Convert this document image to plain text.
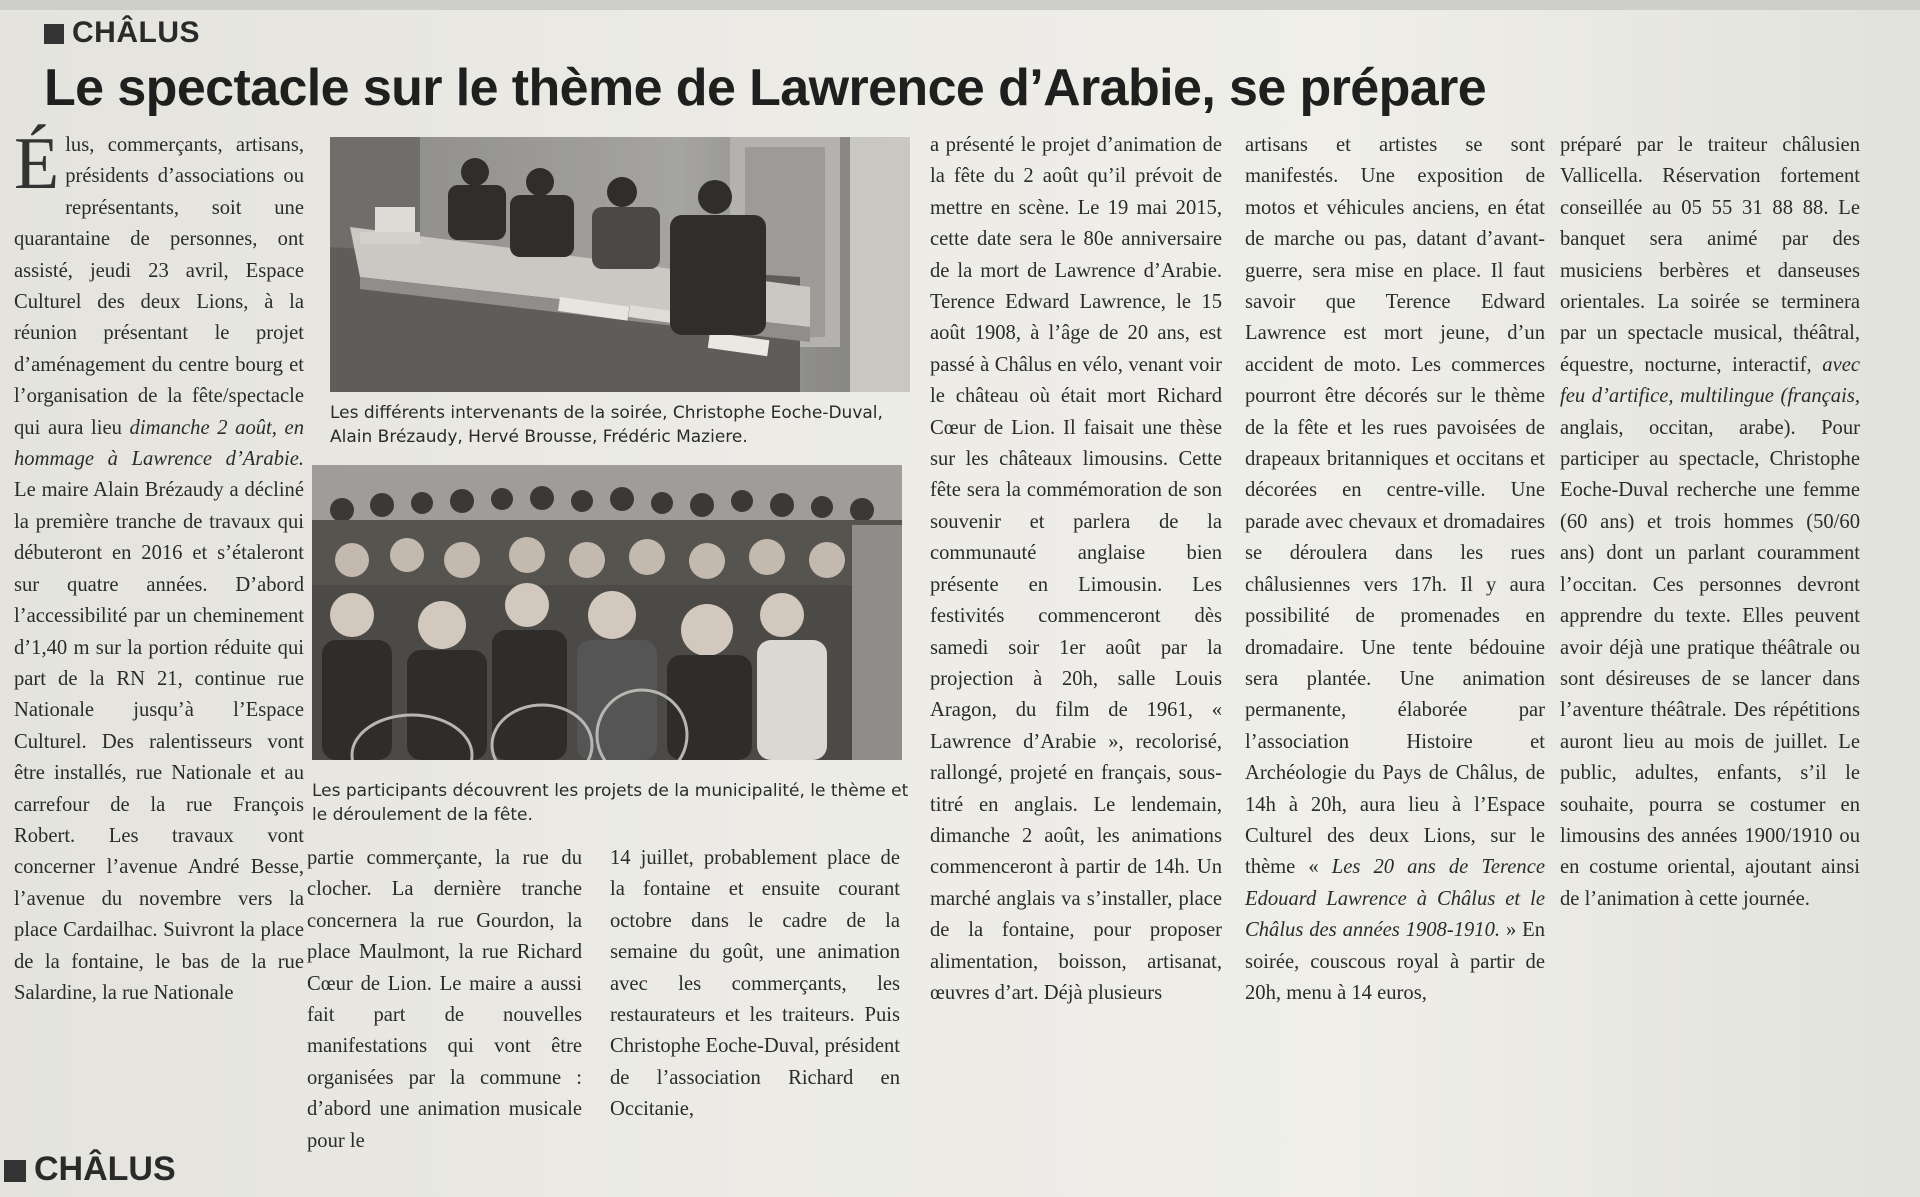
CHÂLUS
Le spectacle sur le thème de Lawrence d’Arabie, se prépare

Élus, commerçants, artisans, présidents d’associations ou représentants, soit une quarantaine de personnes, ont assisté, jeudi 23 avril, Espace Culturel des deux Lions, à la réunion présentant le projet d’aménagement du centre bourg et l’organisation de la fête/spectacle qui aura lieu dimanche 2 août, en hommage à Lawrence d’Arabie. Le maire Alain Brézaudy a décliné la première tranche de travaux qui débuteront en 2016 et s’étaleront sur quatre années. D’abord l’accessibilité par un cheminement d’1,40 m sur la portion réduite qui part de la RN 21, continue rue Nationale jusqu’à l’Espace Culturel. Des ralentisseurs vont être installés, rue Nationale et au carrefour de la rue François Robert. Les travaux vont concerner l’avenue André Besse, l’avenue du novembre vers la place Cardailhac. Suivront la place de la fontaine, le bas de la rue Salardine, la rue Nationale

Les différents intervenants de la soirée, Christophe Eoche-Duval, Alain Brézaudy, Hervé Brousse, Frédéric Maziere.

Les participants découvrent les projets de la municipalité, le thème et le déroulement de la fête.

partie commerçante, la rue du clocher. La dernière tranche concernera la rue Gourdon, la place Maulmont, la rue Richard Cœur de Lion. Le maire a aussi fait part de nouvelles manifestations qui vont être organisées par la commune : d’abord une animation musicale pour le

14 juillet, probablement place de la fontaine et ensuite courant octobre dans le cadre de la semaine du goût, une animation avec les commerçants, les restaurateurs et les traiteurs. Puis Christophe Eoche-Duval, président de l’association Richard en Occitanie,

a présenté le projet d’animation de la fête du 2 août qu’il prévoit de mettre en scène. Le 19 mai 2015, cette date sera le 80e anniversaire de la mort de Lawrence d’Arabie. Terence Edward Lawrence, le 15 août 1908, à l’âge de 20 ans, est passé à Châlus en vélo, venant voir le château où était mort Richard Cœur de Lion. Il faisait une thèse sur les châteaux limousins. Cette fête sera la commémoration de son souvenir et parlera de la communauté anglaise bien présente en Limousin. Les festivités commenceront dès samedi soir 1er août par la projection à 20h, salle Louis Aragon, du film de 1961, « Lawrence d’Arabie », recolorisé, rallongé, projeté en français, sous-titré en anglais. Le lendemain, dimanche 2 août, les animations commenceront à partir de 14h. Un marché anglais va s’installer, place de la fontaine, pour proposer alimentation, boisson, artisanat, œuvres d’art. Déjà plusieurs

artisans et artistes se sont manifestés. Une exposition de motos et véhicules anciens, en état de marche ou pas, datant d’avant-guerre, sera mise en place. Il faut savoir que Terence Edward Lawrence est mort jeune, d’un accident de moto. Les commerces pourront être décorés sur le thème de la fête et les rues pavoisées de drapeaux britanniques et occitans et décorées en centre-ville. Une parade avec chevaux et dromadaires se déroulera dans les rues châlusiennes vers 17h. Il y aura possibilité de promenades en dromadaire. Une tente bédouine sera plantée. Une animation permanente, élaborée par l’association Histoire et Archéologie du Pays de Châlus, de 14h à 20h, aura lieu à l’Espace Culturel des deux Lions, sur le thème « Les 20 ans de Terence Edouard Lawrence à Châlus et le Châlus des années 1908-1910. » En soirée, couscous royal à partir de 20h, menu à 14 euros,

préparé par le traiteur châlusien Vallicella. Réservation fortement conseillée au 05 55 31 88 88. Le banquet sera animé par des musiciens berbères et danseuses orientales. La soirée se terminera par un spectacle musical, théâtral, équestre, nocturne, interactif, avec feu d’artifice, multilingue (français, anglais, occitan, arabe). Pour participer au spectacle, Christophe Eoche-Duval recherche une femme (60 ans) et trois hommes (50/60 ans) dont un parlant couramment l’occitan. Ces personnes devront apprendre du texte. Elles peuvent avoir déjà une pratique théâtrale ou sont désireuses de se lancer dans l’aventure théâtrale. Des répétitions auront lieu au mois de juillet. Le public, adultes, enfants, s’il le souhaite, pourra se costumer en limousins des années 1900/1910 ou en costume oriental, ajoutant ainsi de l’animation à cette journée.

CHÂLUS
